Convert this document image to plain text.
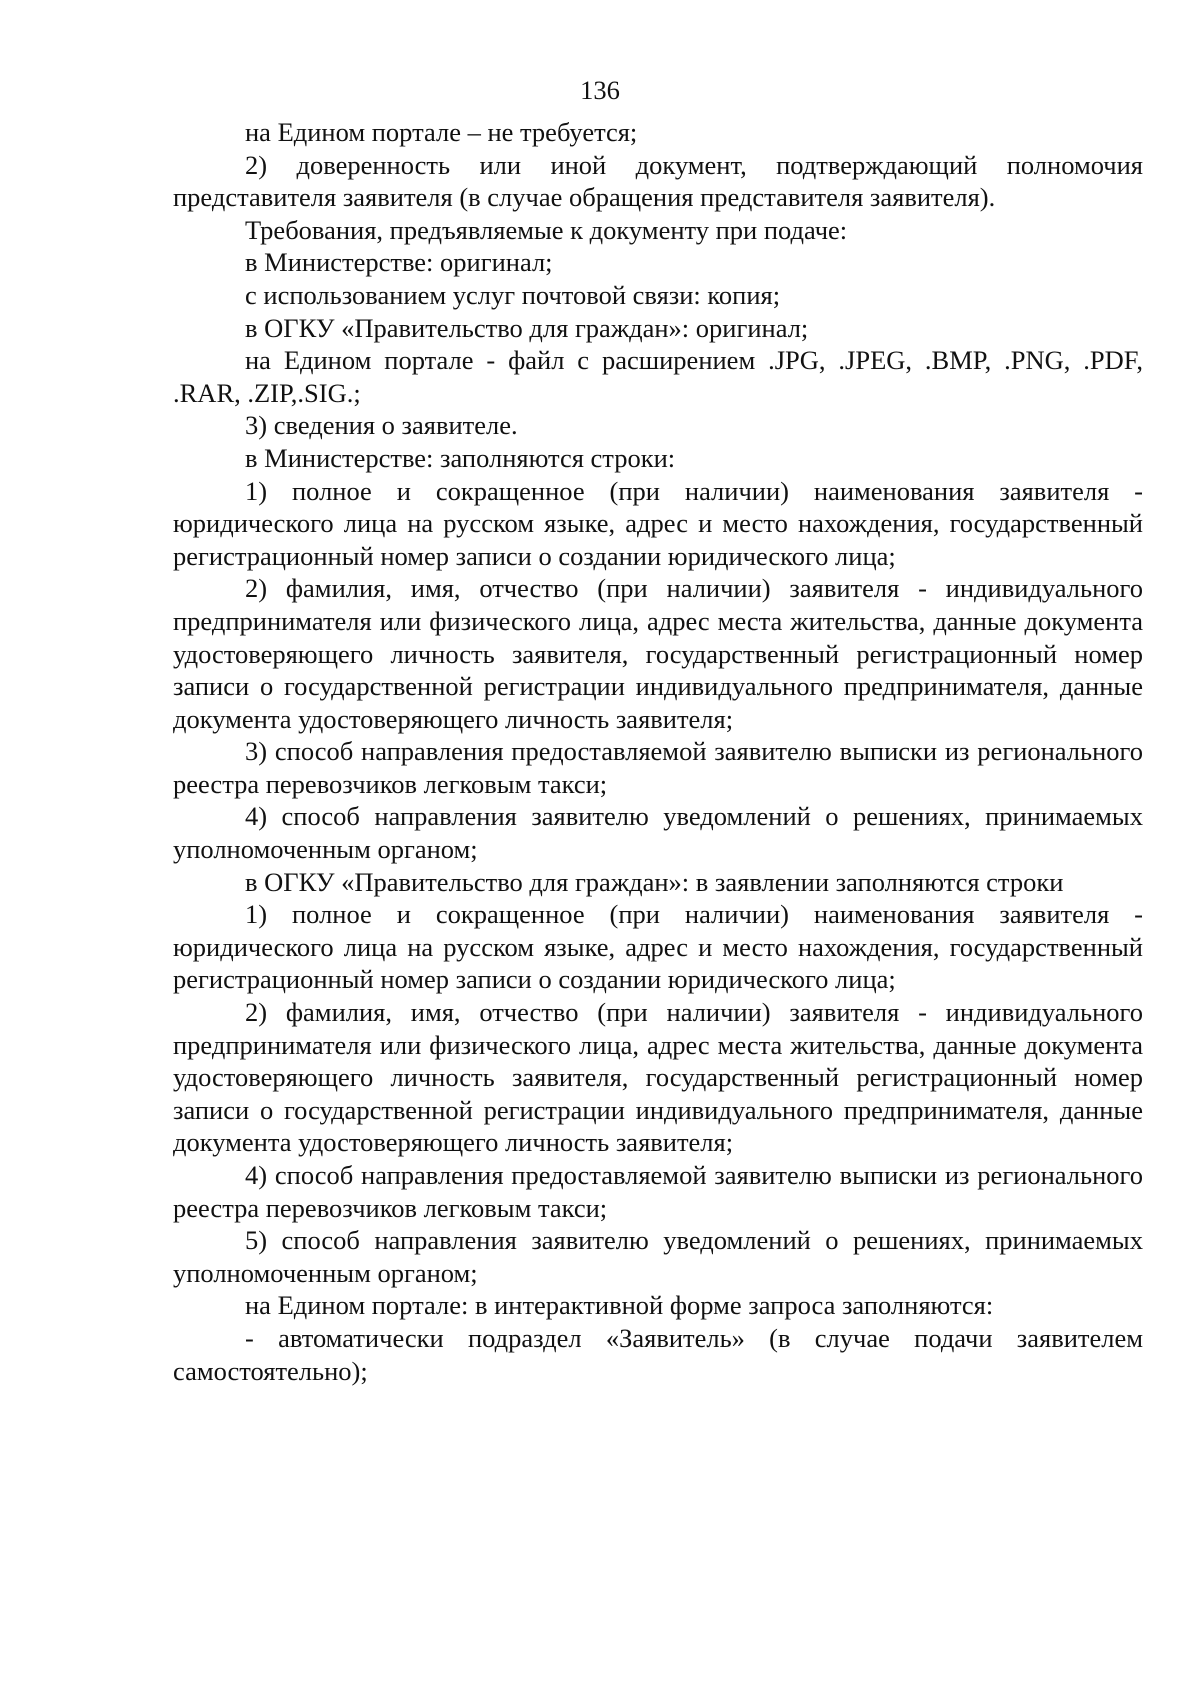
136

на Едином портале – не требуется;

2) доверенность или иной документ, подтверждающий полномочия представителя заявителя (в случае обращения представителя заявителя).

Требования, предъявляемые к документу при подаче:

в Министерстве: оригинал;

с использованием услуг почтовой связи: копия;

в ОГКУ «Правительство для граждан»: оригинал;

на Едином портале - файл с расширением .JPG, .JPEG, .BMP, .PNG, .PDF, .RAR, .ZIP,.SIG.;

3) сведения о заявителе.

в Министерстве: заполняются строки:

1) полное и сокращенное (при наличии) наименования заявителя - юридического лица на русском языке, адрес и место нахождения, государственный регистрационный номер записи о создании юридического лица;

2) фамилия, имя, отчество (при наличии) заявителя - индивидуального предпринимателя или физического лица, адрес места жительства, данные документа удостоверяющего личность заявителя, государственный регистрационный номер записи о государственной регистрации индивидуального предпринимателя, данные документа удостоверяющего личность заявителя;

3) способ направления предоставляемой заявителю выписки из регионального реестра перевозчиков легковым такси;

4) способ направления заявителю уведомлений о решениях, принимаемых уполномоченным органом;

в ОГКУ «Правительство для граждан»: в заявлении заполняются строки

1) полное и сокращенное (при наличии) наименования заявителя - юридического лица на русском языке, адрес и место нахождения, государственный регистрационный номер записи о создании юридического лица;

2) фамилия, имя, отчество (при наличии) заявителя - индивидуального предпринимателя или физического лица, адрес места жительства, данные документа удостоверяющего личность заявителя, государственный регистрационный номер записи о государственной регистрации индивидуального предпринимателя, данные документа удостоверяющего личность заявителя;

4) способ направления предоставляемой заявителю выписки из регионального реестра перевозчиков легковым такси;

5) способ направления заявителю уведомлений о решениях, принимаемых уполномоченным органом;

на Едином портале: в интерактивной форме запроса заполняются:

- автоматически подраздел «Заявитель» (в случае подачи заявителем самостоятельно);
